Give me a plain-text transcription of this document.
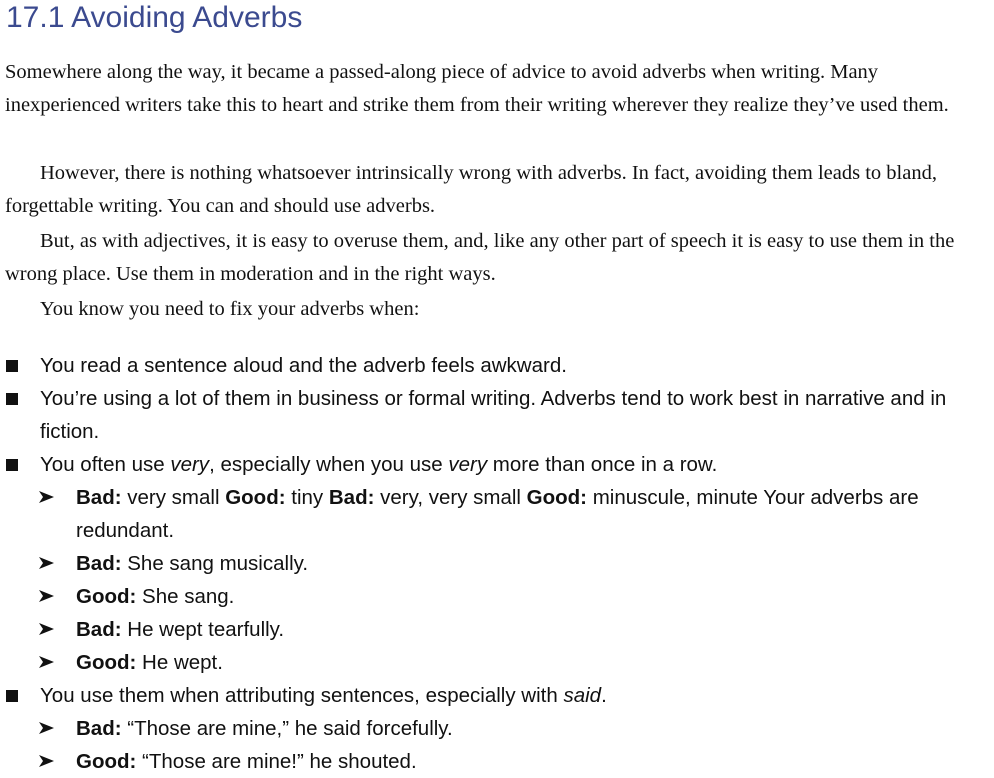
17.1 Avoiding Adverbs

Somewhere along the way, it became a passed-along piece of advice to avoid adverbs when writing. Many inexperienced writers take this to heart and strike them from their writing wherever they realize they’ve used them.

However, there is nothing whatsoever intrinsically wrong with adverbs. In fact, avoiding them leads to bland, forgettable writing. You can and should use adverbs.

But, as with adjectives, it is easy to overuse them, and, like any other part of speech it is easy to use them in the wrong place. Use them in moderation and in the right ways.

You know you need to fix your adverbs when:

You read a sentence aloud and the adverb feels awkward.
You’re using a lot of them in business or formal writing. Adverbs tend to work best in narrative and in fiction.
You often use very, especially when you use very more than once in a row.
Bad: very small Good: tiny Bad: very, very small Good: minuscule, minute Your adverbs are redundant.
Bad: She sang musically.
Good: She sang.
Bad: He wept tearfully.
Good: He wept.
You use them when attributing sentences, especially with said.
Bad: “Those are mine,” he said forcefully.
Good: “Those are mine!” he shouted.
